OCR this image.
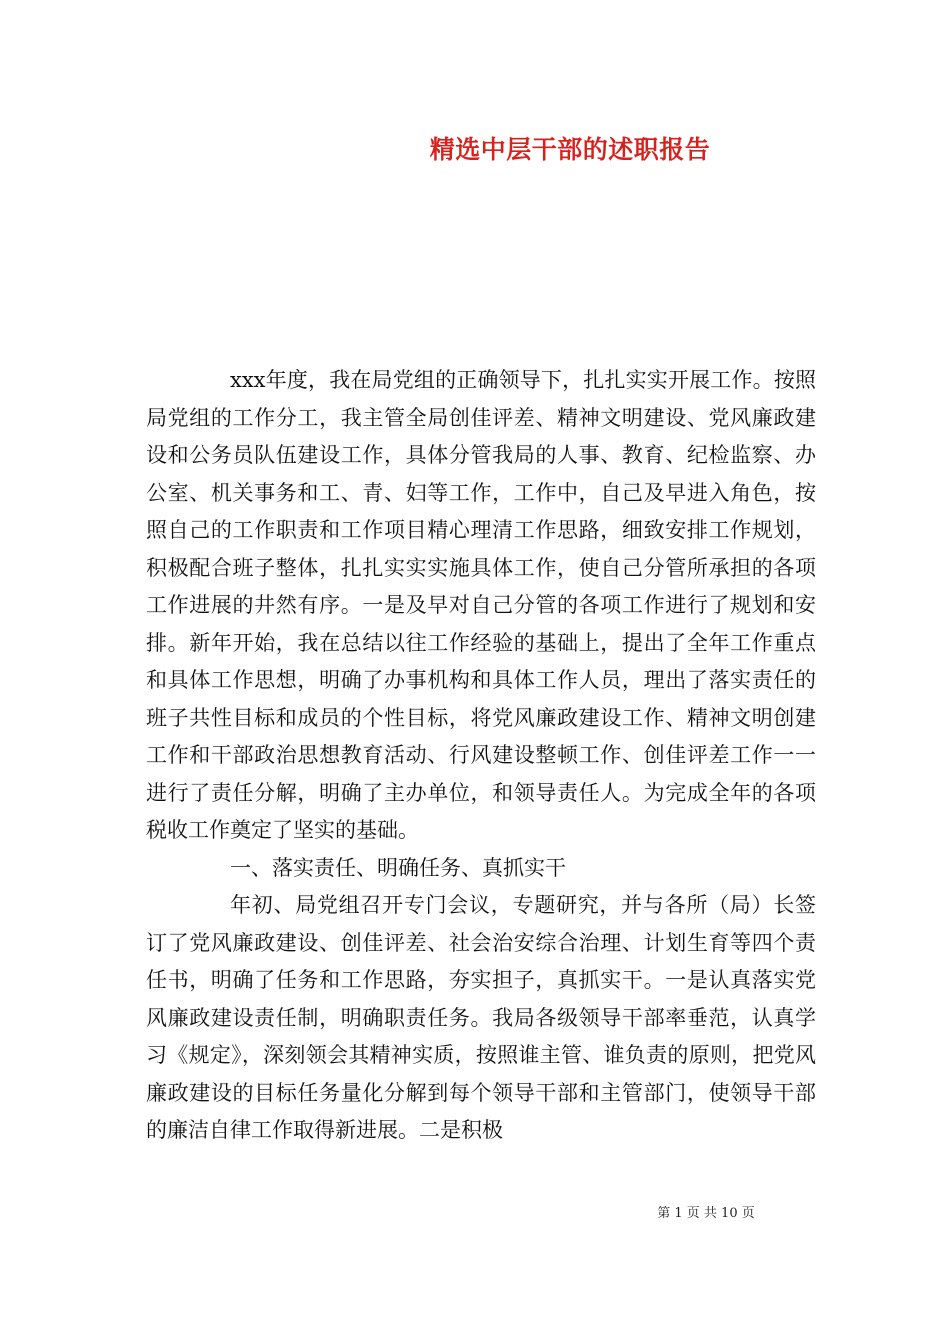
精选中层干部的述职报告

xxx年度，我在局党组的正确领导下，扎扎实实开展工作。按照局党组的工作分工，我主管全局创佳评差、精神文明建设、党风廉政建设和公务员队伍建设工作，具体分管我局的人事、教育、纪检监察、办公室、机关事务和工、青、妇等工作，工作中，自己及早进入角色，按照自己的工作职责和工作项目精心理清工作思路，细致安排工作规划，积极配合班子整体，扎扎实实实施具体工作，使自己分管所承担的各项工作进展的井然有序。一是及早对自己分管的各项工作进行了规划和安排。新年开始，我在总结以往工作经验的基础上，提出了全年工作重点和具体工作思想，明确了办事机构和具体工作人员，理出了落实责任的班子共性目标和成员的个性目标，将党风廉政建设工作、精神文明创建工作和干部政治思想教育活动、行风建设整顿工作、创佳评差工作一一进行了责任分解，明确了主办单位，和领导责任人。为完成全年的各项税收工作奠定了坚实的基础。

一、落实责任、明确任务、真抓实干

年初、局党组召开专门会议，专题研究，并与各所（局）长签订了党风廉政建设、创佳评差、社会治安综合治理、计划生育等四个责任书，明确了任务和工作思路，夯实担子，真抓实干。一是认真落实党风廉政建设责任制，明确职责任务。我局各级领导干部率垂范，认真学习《规定》，深刻领会其精神实质，按照谁主管、谁负责的原则，把党风廉政建设的目标任务量化分解到每个领导干部和主管部门，使领导干部的廉洁自律工作取得新进展。二是积极

第 1 页 共 10 页
